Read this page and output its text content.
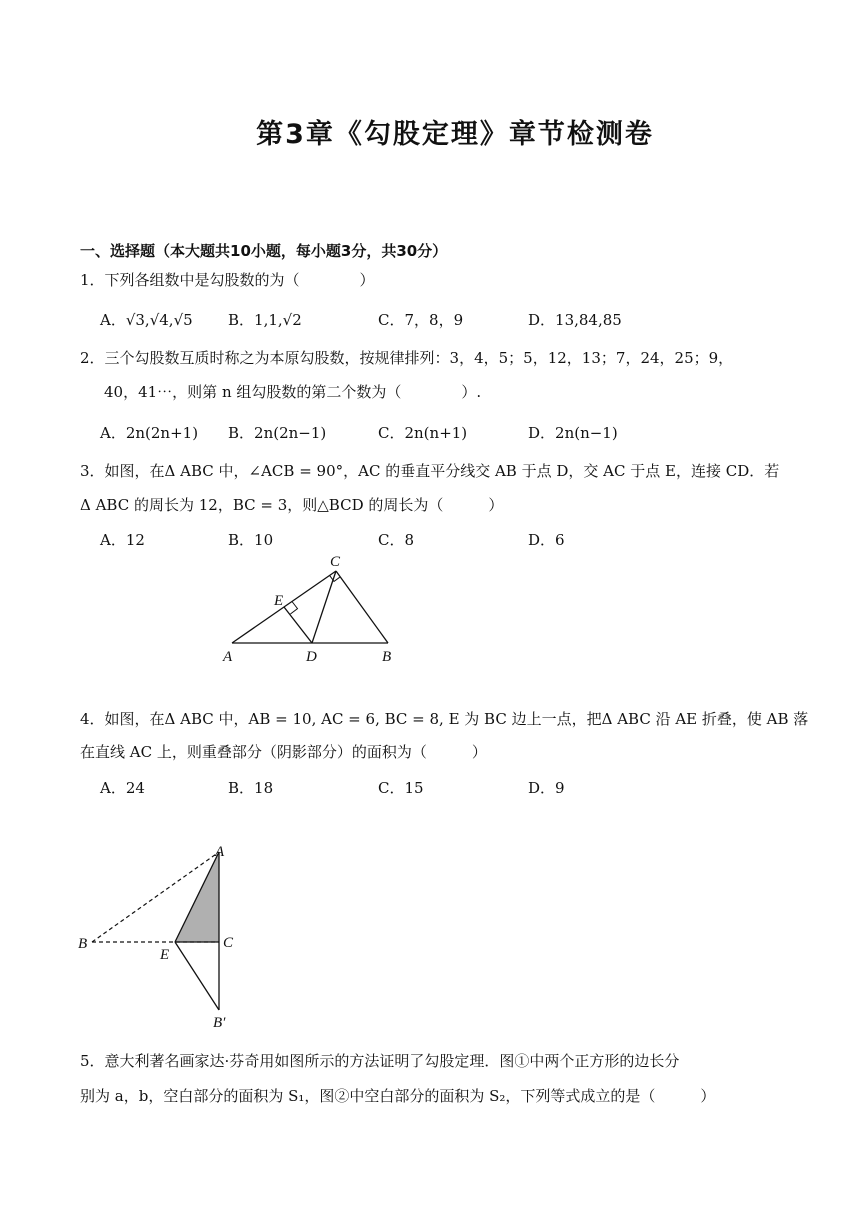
第3章《勾股定理》章节检测卷
一、选择题（本大题共10小题，每小题3分，共30分）
1．下列各组数中是勾股数的为（　　　　）
A．√3,√4,√5 B．1,1,√2	C．7，8，9	D．13,84,85
2．三个勾股数互质时称之为本原勾股数，按规律排列：3，4，5；5，12，13；7，24，25；9，
40，41⋯，则第 n 组勾股数的第二个数为（　　　　）.
A．2n(2n+1) B．2n(2n−1)	C．2n(n+1)	D．2n(n−1)
3．如图，在Δ ABC 中，∠ACB = 90°，AC 的垂直平分线交 AB 于点 D，交 AC 于点 E，连接 CD．若
Δ ABC 的周长为 12，BC = 3，则△BCD 的周长为（　　　）
A．12	B．10	C．8	D．6
A	D	B
C
E
4．如图，在Δ ABC 中，AB = 10, AC = 6, BC = 8, E 为 BC 边上一点，把Δ ABC 沿 AE 折叠，使 AB 落
在直线 AC 上，则重叠部分（阴影部分）的面积为（　　　）
A．24	B．18	C．15	D．9
A
B	C
E
B′
5．意大利著名画家达·芬奇用如图所示的方法证明了勾股定理．图①中两个正方形的边长分
别为 a，b，空白部分的面积为 S₁，图②中空白部分的面积为 S₂，下列等式成立的是（　　　）
